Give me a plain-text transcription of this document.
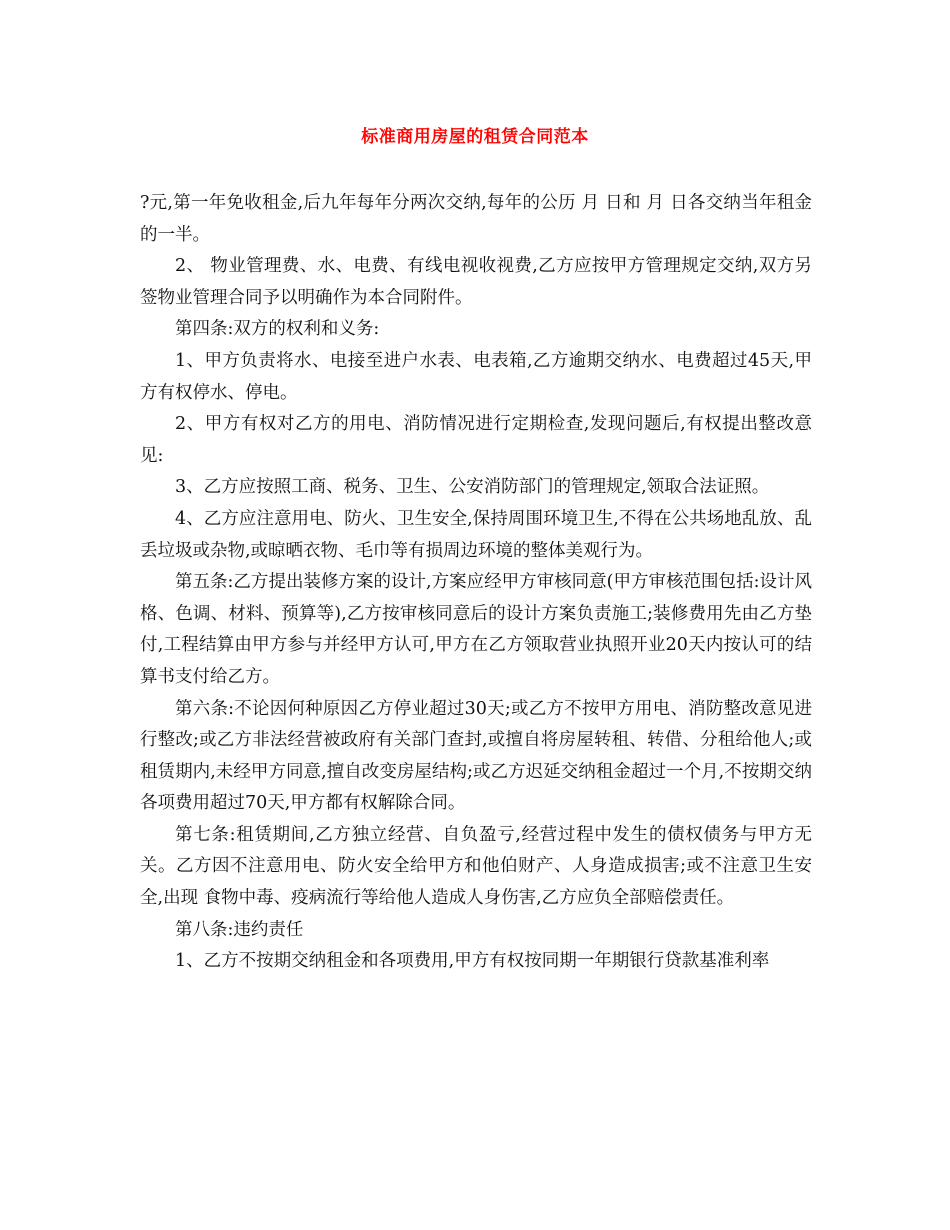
标准商用房屋的租赁合同范本

?元,第一年免收租金,后九年每年分两次交纳,每年的公历 月 日和 月 日各交纳当年租金的一半。

2、 物业管理费、水、电费、有线电视收视费,乙方应按甲方管理规定交纳,双方另签物业管理合同予以明确作为本合同附件。

第四条:双方的权利和义务:

1、甲方负责将水、电接至进户水表、电表箱,乙方逾期交纳水、电费超过45天,甲方有权停水、停电。

2、甲方有权对乙方的用电、消防情况进行定期检查,发现问题后,有权提出整改意见:

3、乙方应按照工商、税务、卫生、公安消防部门的管理规定,领取合法证照。

4、乙方应注意用电、防火、卫生安全,保持周围环境卫生,不得在公共场地乱放、乱丢垃圾或杂物,或晾晒衣物、毛巾等有损周边环境的整体美观行为。

第五条:乙方提出装修方案的设计,方案应经甲方审核同意(甲方审核范围包括:设计风格、色调、材料、预算等),乙方按审核同意后的设计方案负责施工;装修费用先由乙方垫付,工程结算由甲方参与并经甲方认可,甲方在乙方领取营业执照开业20天内按认可的结算书支付给乙方。

第六条:不论因何种原因乙方停业超过30天;或乙方不按甲方用电、消防整改意见进行整改;或乙方非法经营被政府有关部门查封,或擅自将房屋转租、转借、分租给他人;或租赁期内,未经甲方同意,擅自改变房屋结构;或乙方迟延交纳租金超过一个月,不按期交纳各项费用超过70天,甲方都有权解除合同。

第七条:租赁期间,乙方独立经营、自负盈亏,经营过程中发生的债权债务与甲方无关。乙方因不注意用电、防火安全给甲方和他伯财产、人身造成损害;或不注意卫生安全,出现 食物中毒、疫病流行等给他人造成人身伤害,乙方应负全部赔偿责任。

第八条:违约责任

1、乙方不按期交纳租金和各项费用,甲方有权按同期一年期银行贷款基准利率
